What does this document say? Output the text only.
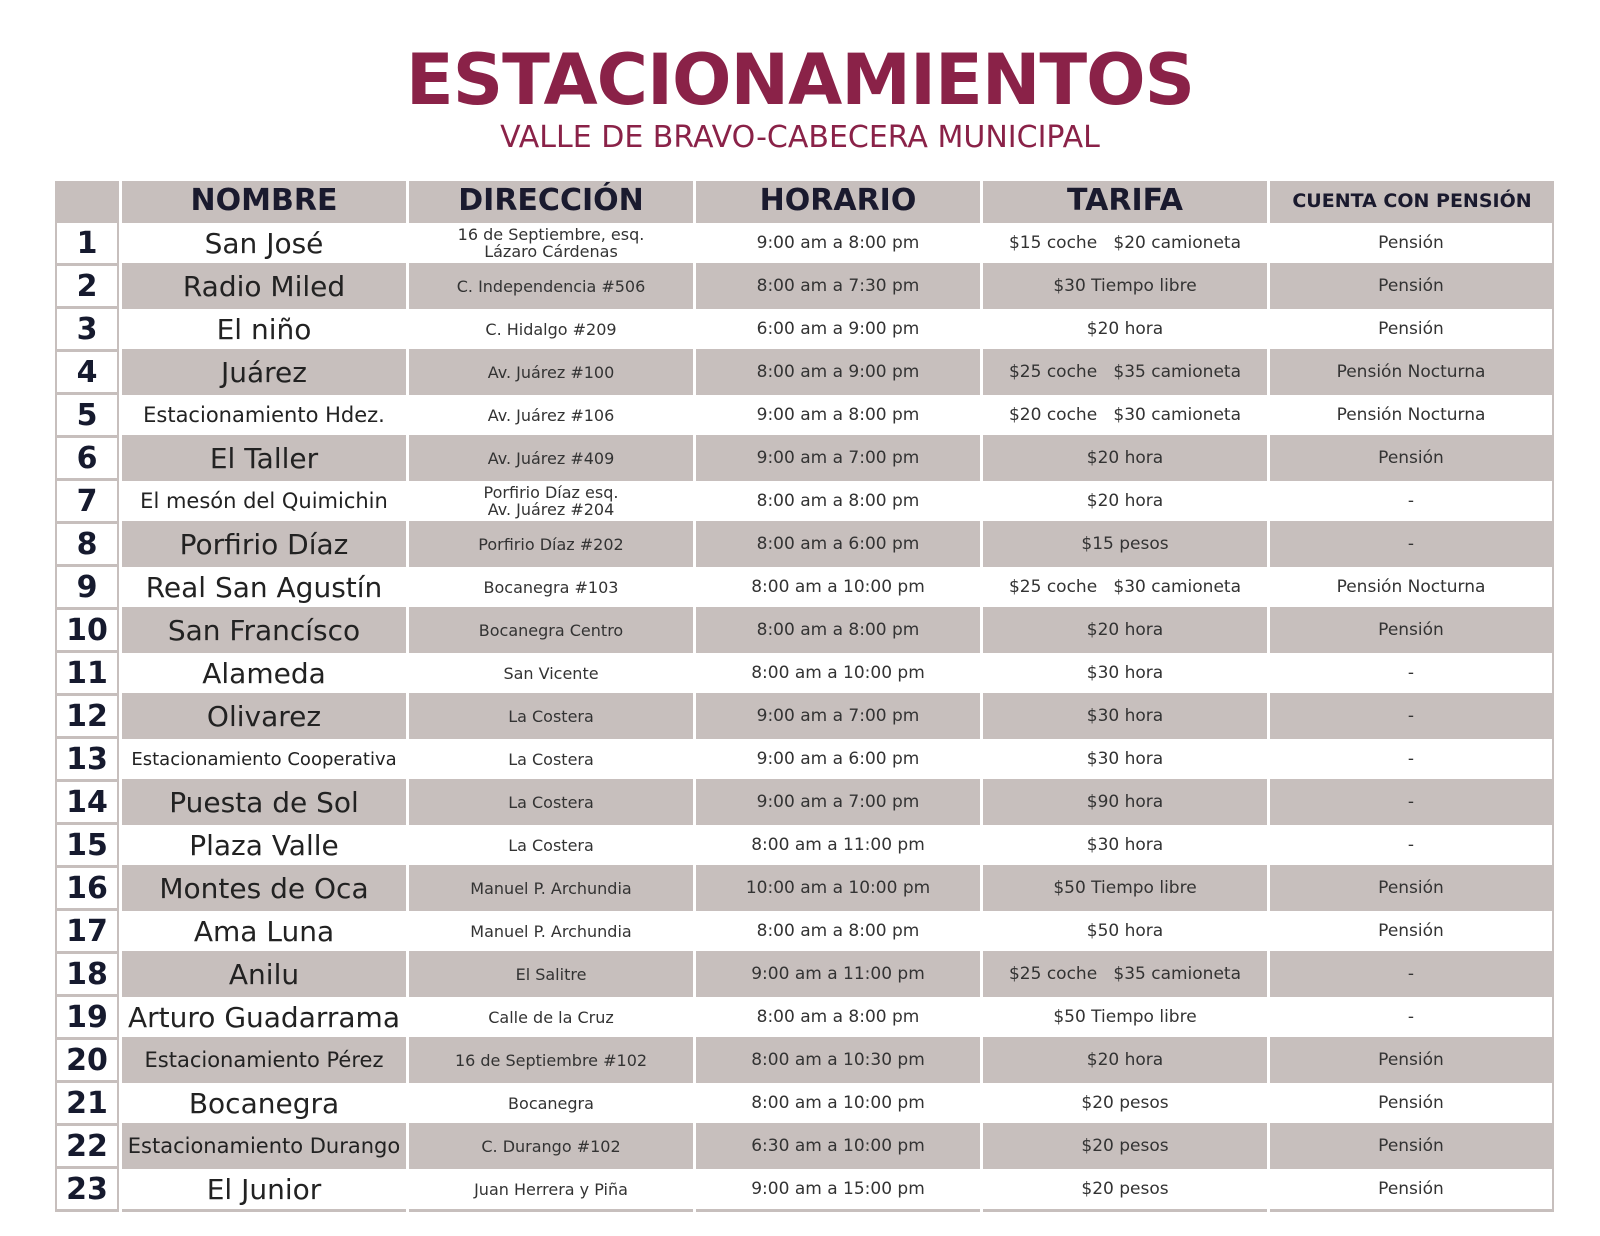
ESTACIONAMIENTOS
VALLE DE BRAVO-CABECERA MUNICIPAL
NOMBRE	DIRECCIÓN	HORARIO	TARIFA	CUENTA CON PENSIÓN
1	San José	16 de Septiembre, esq.
Lázaro Cárdenas	9:00 am a 8:00 pm	$15 coche   $20 camioneta	Pensión
2	Radio Miled	C. Independencia #506	8:00 am a 7:30 pm	$30 Tiempo libre	Pensión
3	El niño	C. Hidalgo #209	6:00 am a 9:00 pm	$20 hora	Pensión
4	Juárez	Av. Juárez #100	8:00 am a 9:00 pm	$25 coche   $35 camioneta	Pensión Nocturna
5	Estacionamiento Hdez.	Av. Juárez #106	9:00 am a 8:00 pm	$20 coche   $30 camioneta	Pensión Nocturna
6	El Taller	Av. Juárez #409	9:00 am a 7:00 pm	$20 hora	Pensión
7	El mesón del Quimichin	Porfirio Díaz esq.
Av. Juárez #204	8:00 am a 8:00 pm	$20 hora	-
8	Porfirio Díaz	Porfirio Díaz #202	8:00 am a 6:00 pm	$15 pesos	-
9	Real San Agustín	Bocanegra #103	8:00 am a 10:00 pm	$25 coche   $30 camioneta	Pensión Nocturna
10	San Francísco	Bocanegra Centro	8:00 am a 8:00 pm	$20 hora	Pensión
11	Alameda	San Vicente	8:00 am a 10:00 pm	$30 hora	-
12	Olivarez	La Costera	9:00 am a 7:00 pm	$30 hora	-
13	Estacionamiento Cooperativa	La Costera	9:00 am a 6:00 pm	$30 hora	-
14	Puesta de Sol	La Costera	9:00 am a 7:00 pm	$90 hora	-
15	Plaza Valle	La Costera	8:00 am a 11:00 pm	$30 hora	-
16	Montes de Oca	Manuel P. Archundia	10:00 am a 10:00 pm	$50 Tiempo libre	Pensión
17	Ama Luna	Manuel P. Archundia	8:00 am a 8:00 pm	$50 hora	Pensión
18	Anilu	El Salitre	9:00 am a 11:00 pm	$25 coche   $35 camioneta	-
19 Arturo Guadarrama	Calle de la Cruz	8:00 am a 8:00 pm	$50 Tiempo libre	-
20	Estacionamiento Pérez	16 de Septiembre #102	8:00 am a 10:30 pm	$20 hora	Pensión
21	Bocanegra	Bocanegra	8:00 am a 10:00 pm	$20 pesos	Pensión
22 Estacionamiento Durango	C. Durango #102	6:30 am a 10:00 pm	$20 pesos	Pensión
23	El Junior	Juan Herrera y Piña	9:00 am a 15:00 pm	$20 pesos	Pensión
